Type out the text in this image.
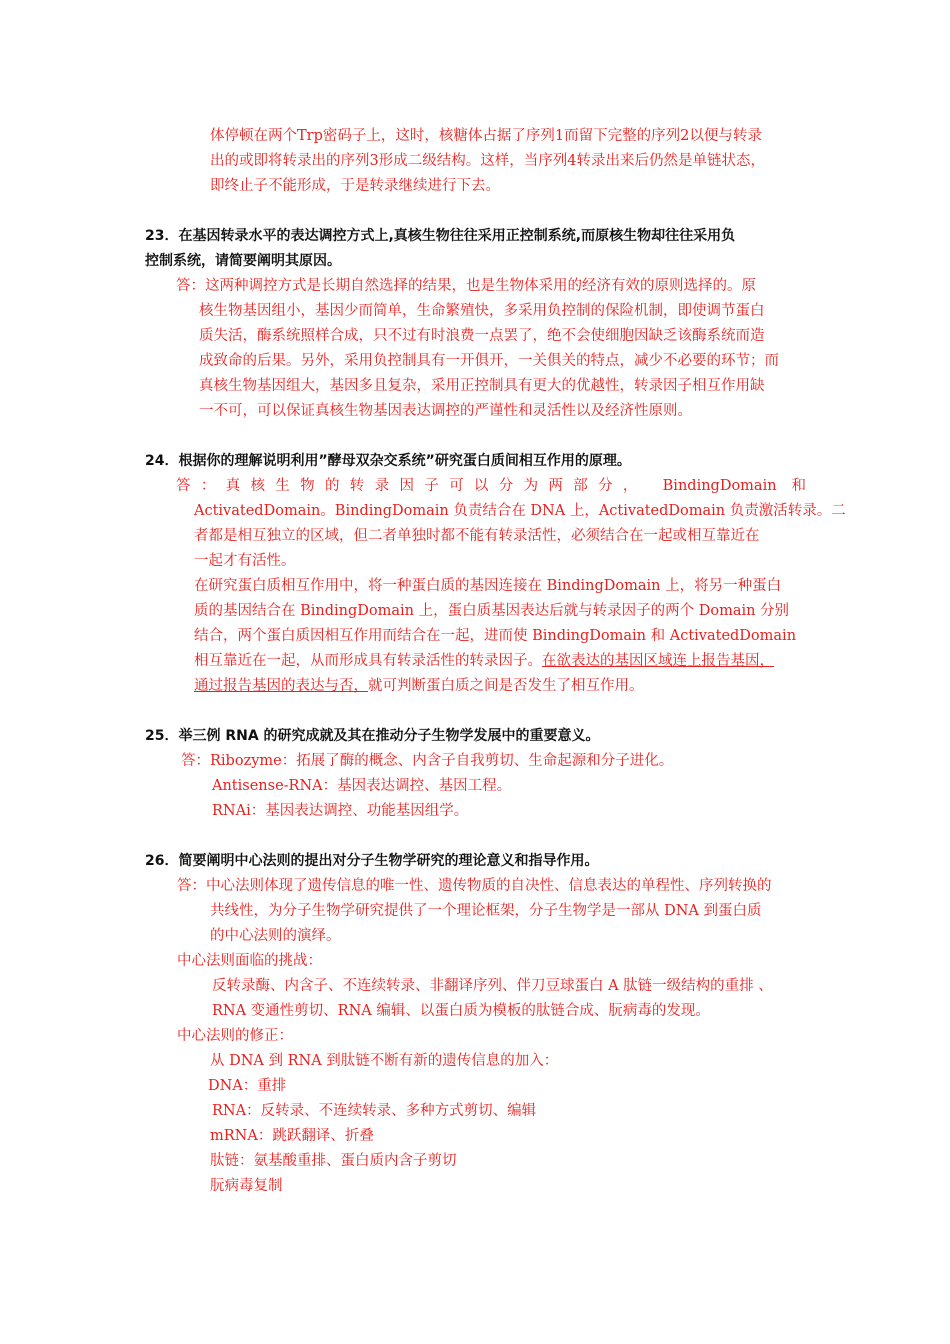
体停顿在两个Trp密码子上，这时，核糖体占据了序列1而留下完整的序列2以便与转录
出的或即将转录出的序列3形成二级结构。这样，当序列4转录出来后仍然是单链状态，
即终止子不能形成，于是转录继续进行下去。
23．在基因转录水平的表达调控方式上,真核生物往往采用正控制系统,而原核生物却往往采用负
控制系统，请简要阐明其原因。
答：这两种调控方式是长期自然选择的结果，也是生物体采用的经济有效的原则选择的。原
核生物基因组小，基因少而简单，生命繁殖快，多采用负控制的保险机制，即使调节蛋白
质失活，酶系统照样合成，只不过有时浪费一点罢了，绝不会使细胞因缺乏该酶系统而造
成致命的后果。另外，采用负控制具有一开俱开，一关俱关的特点，减少不必要的环节；而
真核生物基因组大，基因多且复杂，采用正控制具有更大的优越性，转录因子相互作用缺
一不可，可以保证真核生物基因表达调控的严谨性和灵活性以及经济性原则。
24．根据你的理解说明利用”酵母双杂交系统”研究蛋白质间相互作用的原理。
答：真核生物的转录因子可以分为两部分， BindingDomain 和
ActivatedDomain。BindingDomain 负责结合在 DNA 上，ActivatedDomain 负责激活转录。二
者都是相互独立的区域，但二者单独时都不能有转录活性，必须结合在一起或相互靠近在
一起才有活性。
在研究蛋白质相互作用中，将一种蛋白质的基因连接在 BindingDomain 上，将另一种蛋白
质的基因结合在 BindingDomain 上，蛋白质基因表达后就与转录因子的两个 Domain 分别
结合，两个蛋白质因相互作用而结合在一起，进而使 BindingDomain 和 ActivatedDomain
相互靠近在一起，从而形成具有转录活性的转录因子。在欲表达的基因区域连上报告基因，
通过报告基因的表达与否，就可判断蛋白质之间是否发生了相互作用。
25．举三例 RNA 的研究成就及其在推动分子生物学发展中的重要意义。
答：Ribozyme：拓展了酶的概念、内含子自我剪切、生命起源和分子进化。
Antisense-RNA：基因表达调控、基因工程。
RNAi：基因表达调控、功能基因组学。
26．简要阐明中心法则的提出对分子生物学研究的理论意义和指导作用。
答：中心法则体现了遗传信息的唯一性、遗传物质的自决性、信息表达的单程性、序列转换的
共线性，为分子生物学研究提供了一个理论框架，分子生物学是一部从 DNA 到蛋白质
的中心法则的演绎。
中心法则面临的挑战：
反转录酶、内含子、不连续转录、非翻译序列、伴刀豆球蛋白 A 肽链一级结构的重排 、
RNA 变通性剪切、RNA 编辑、以蛋白质为模板的肽链合成、朊病毒的发现。
中心法则的修正：
从 DNA 到 RNA 到肽链不断有新的遗传信息的加入：
DNA：重排
RNA：反转录、不连续转录、多种方式剪切、编辑
mRNA：跳跃翻译、折叠
肽链：氨基酸重排、蛋白质内含子剪切
朊病毒复制
